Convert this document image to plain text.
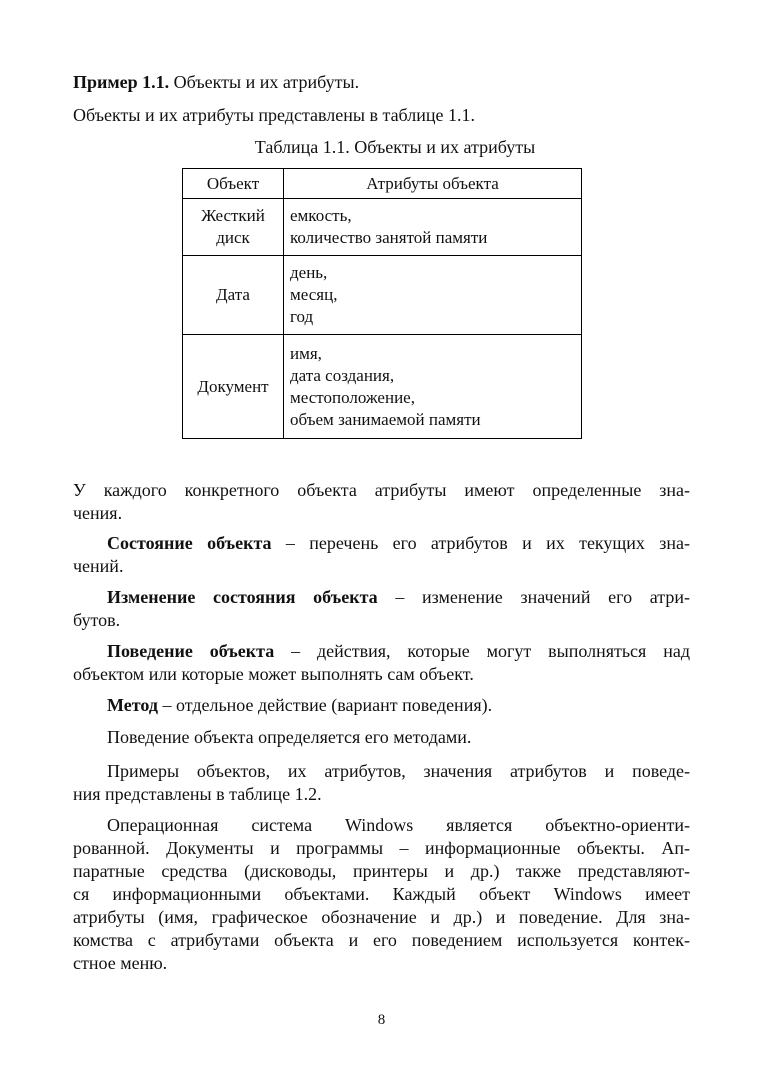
Пример 1.1. Объекты и их атрибуты.
Объекты и их атрибуты представлены в таблице 1.1.
Таблица 1.1. Объекты и их атрибуты
Объект	Атрибуты объекта

Жесткий
диск	емкость,
количество занятой памяти

Дата	день,
месяц,
год

Документ	имя,
дата создания,
местоположение,
объем занимаемой памяти
У каждого конкретного объекта атрибуты имеют определенные зна-
чения.
Состояние объекта – перечень его атрибутов и их текущих зна-
чений.
Изменение состояния объекта – изменение значений его атри-
бутов.
Поведение объекта – действия, которые могут выполняться над
объектом или которые может выполнять сам объект.
Метод – отдельное действие (вариант поведения).
Поведение объекта определяется его методами.
Примеры объектов, их атрибутов, значения атрибутов и поведе-
ния представлены в таблице 1.2.
Операционная система Windows является объектно-ориенти-
рованной. Документы и программы – информационные объекты. Ап-
паратные средства (дисководы, принтеры и др.) также представляют-
ся информационными объектами. Каждый объект Windows имеет
атрибуты (имя, графическое обозначение и др.) и поведение. Для зна-
комства с атрибутами объекта и его поведением используется контек-
стное меню.
8
